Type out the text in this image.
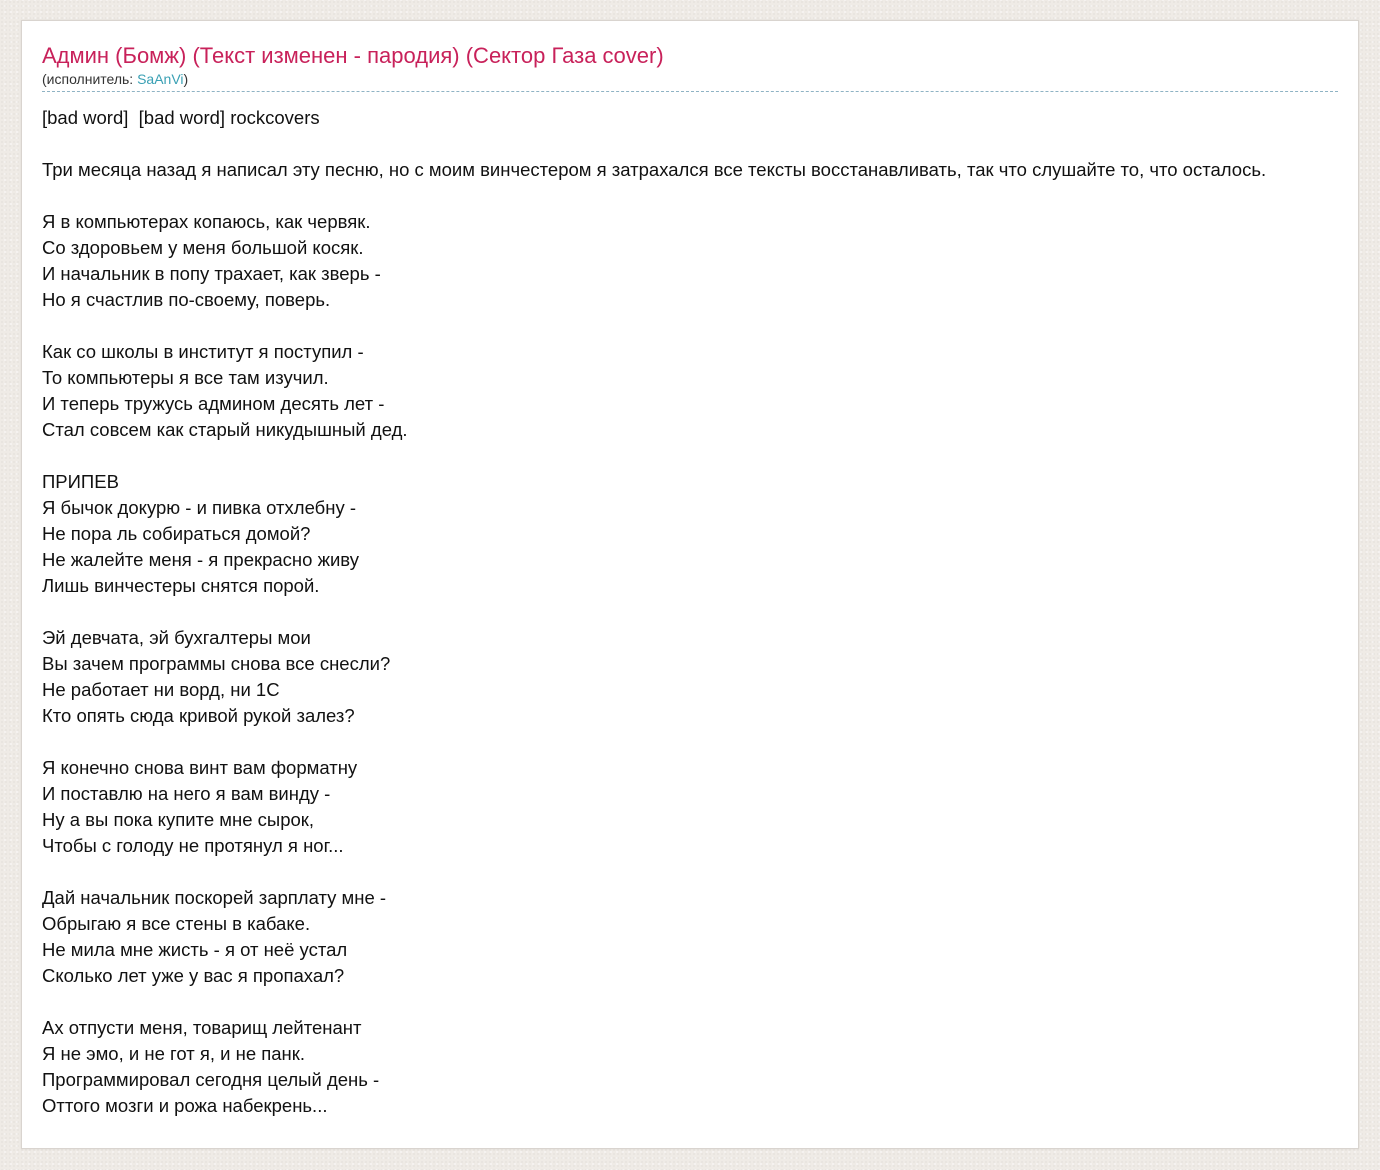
Админ (Бомж) (Текст изменен - пародия) (Сектор Газа cover)
(исполнитель: SaAnVi)
[bad word]  [bad word] rockcovers
Три месяца назад я написал эту песню, но с моим винчестером я затрахался все тексты восстанавливать, так что слушайте то, что осталось.
Я в компьютерах копаюсь, как червяк.
Со здоровьем у меня большой косяк.
И начальник в попу трахает, как зверь -
Но я счастлив по-своему, поверь.
Как со школы в институт я поступил -
То компьютеры я все там изучил.
И теперь тружусь админом десять лет -
Стал совсем как старый никудышный дед.
ПРИПЕВ
Я бычок докурю - и пивка отхлебну -
Не пора ль собираться домой?
Не жалейте меня - я прекрасно живу
Лишь винчестеры снятся порой.
Эй девчата, эй бухгалтеры мои
Вы зачем программы снова все снесли?
Не работает ни ворд, ни 1С
Кто опять сюда кривой рукой залез?
Я конечно снова винт вам форматну
И поставлю на него я вам винду -
Ну а вы пока купите мне сырок,
Чтобы с голоду не протянул я ног...
Дай начальник поскорей зарплату мне -
Обрыгаю я все стены в кабаке.
Не мила мне жисть - я от неё устал
Сколько лет уже у вас я пропахал?
Ах отпусти меня, товарищ лейтенант
Я не эмо, и не гот я, и не панк.
Программировал сегодня целый день -
Оттого мозги и рожа набекрень...
